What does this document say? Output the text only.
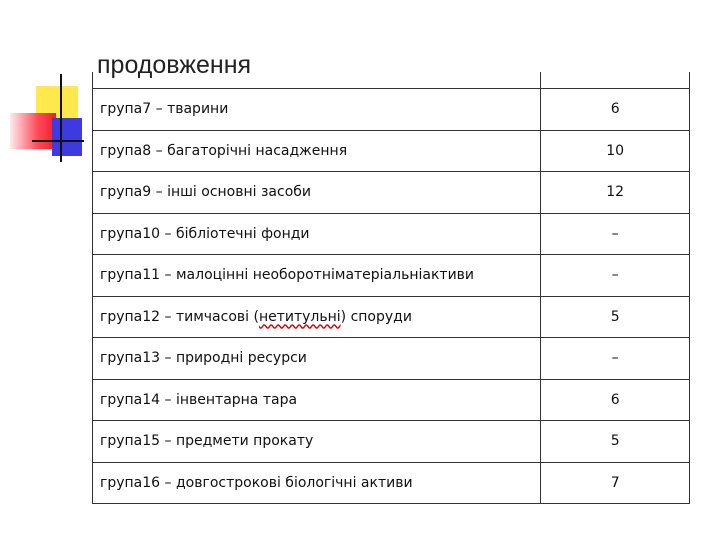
продовження
група7 – тварини	6
група8 – багаторічні насадження	10
група9 – інші основні засоби	12
група10 – бібліотечні фонди	–
група11 – малоцінні необоротніматеріальніактиви	–
група12 – тимчасові (нетитульні) споруди	5
група13 – природні ресурси	–
група14 – інвентарна тара	6
група15 – предмети прокату	5
група16 – довгострокові біологічні активи	7
